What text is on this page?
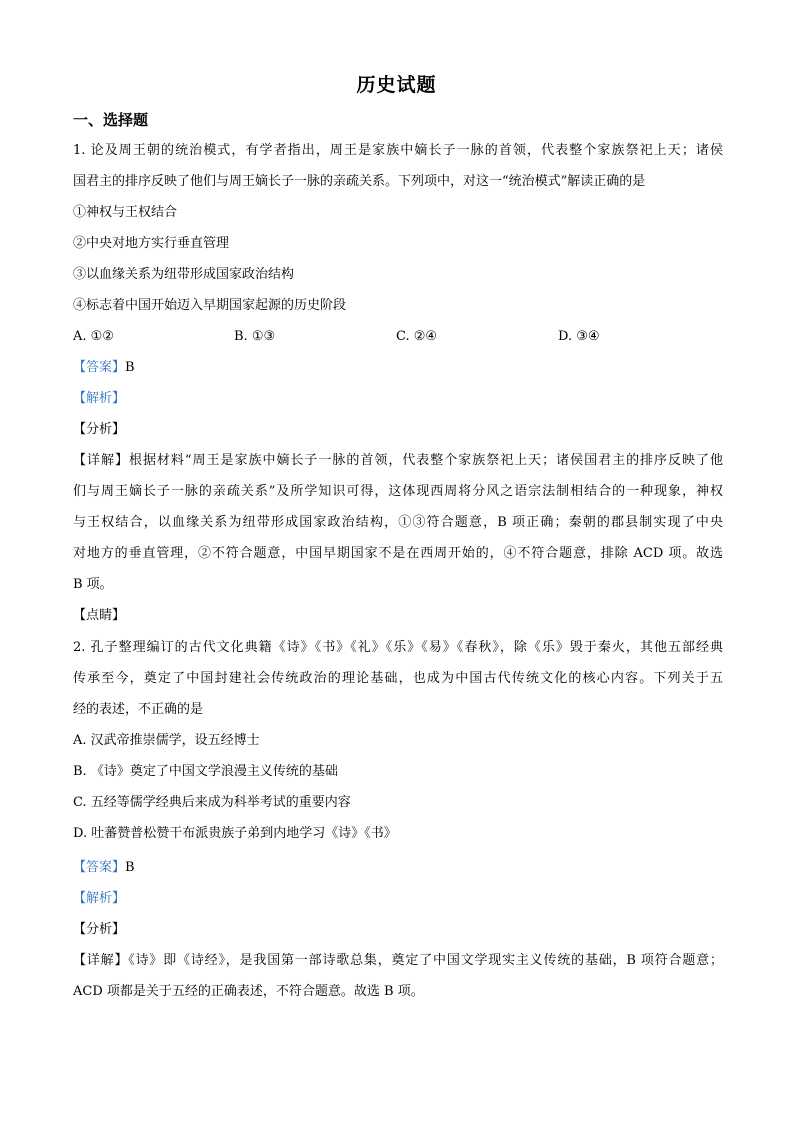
历史试题
一、选择题
1. 论及周王朝的统治模式，有学者指出，周王是家族中嫡长子一脉的首领，代表整个家族祭祀上天；诸侯
国君主的排序反映了他们与周王嫡长子一脉的亲疏关系。下列项中，对这一“统治模式”解读正确的是
①神权与王权结合
②中央对地方实行垂直管理
③以血缘关系为纽带形成国家政治结构
④标志着中国开始迈入早期国家起源的历史阶段
A. ①②	B. ①③	C. ②④	D. ③④
【答案】B
【解析】
【分析】
【详解】根据材料“周王是家族中嫡长子一脉的首领，代表整个家族祭祀上天；诸侯国君主的排序反映了他
们与周王嫡长子一脉的亲疏关系”及所学知识可得，这体现西周将分风之语宗法制相结合的一种现象，神权
与王权结合，以血缘关系为纽带形成国家政治结构，①③符合题意，B 项正确；秦朝的郡县制实现了中央
对地方的垂直管理，②不符合题意，中国早期国家不是在西周开始的，④不符合题意，排除 ACD 项。故选
B 项。
【点睛】
2. 孔子整理编订的古代文化典籍《诗》《书》《礼》《乐》《易》《春秋》，除《乐》毁于秦火，其他五部经典
传承至今，奠定了中国封建社会传统政治的理论基础，也成为中国古代传统文化的核心内容。下列关于五
经的表述，不正确的是
A. 汉武帝推崇儒学，设五经博士
B. 《诗》奠定了中国文学浪漫主义传统的基础
C. 五经等儒学经典后来成为科举考试的重要内容
D. 吐蕃赞普松赞干布派贵族子弟到内地学习《诗》《书》
【答案】B
【解析】
【分析】
【详解】《诗》即《诗经》，是我国第一部诗歌总集，奠定了中国文学现实主义传统的基础，B 项符合题意；
ACD 项都是关于五经的正确表述，不符合题意。故选 B 项。
